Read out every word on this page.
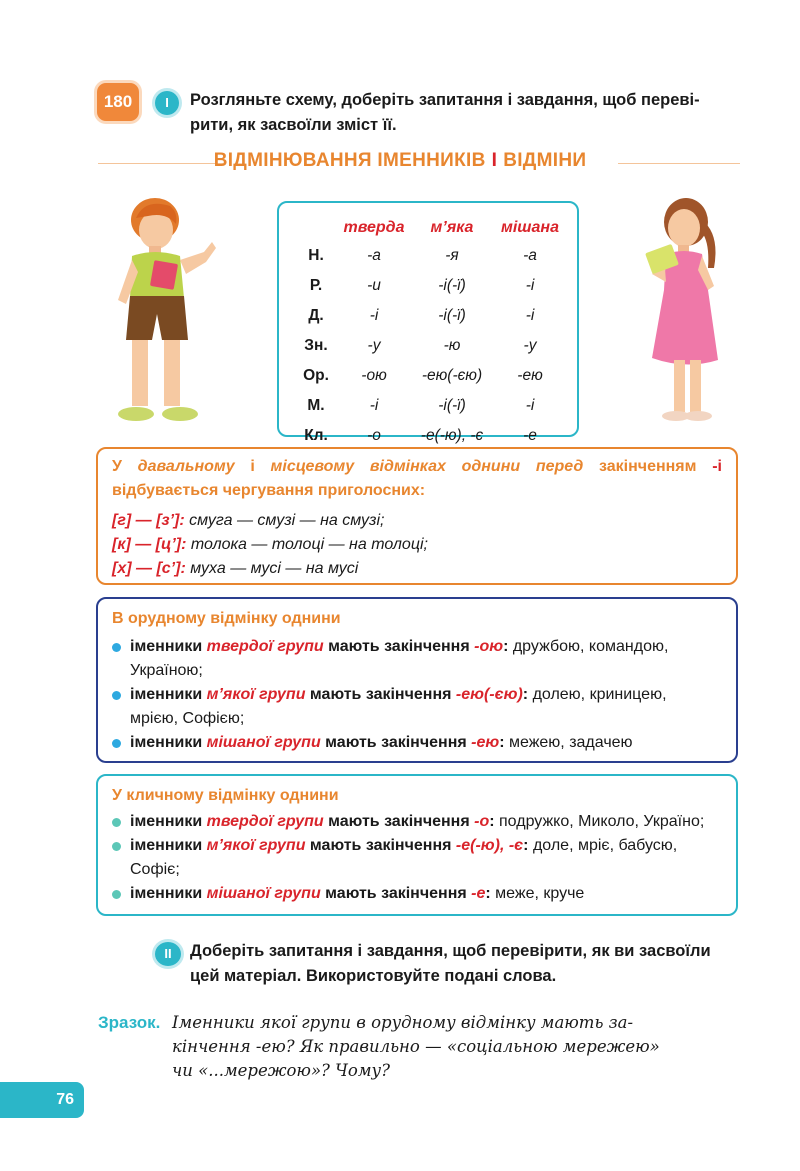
180	I	Розгляньте схему, доберіть запитання і завдання, щоб переві-
рити, як засвоїли зміст її.
ВІДМІНЮВАННЯ ІМЕННИКІВ І ВІДМІНИ
	тверда	м’яка	мішана
Н.	-а	-я	-а
Р.	-и	-і(-ї)	-і
Д.	-і	-і(-ї)	-і
Зн.	-у	-ю	-у
Ор.	-ою	-ею(-єю)	-ею
М.	-і	-і(-ї)	-і
Кл.	-о	-е(-ю), -є	-е
У давальному і місцевому відмінках однини перед закінченням -і
відбувається чергування приголосних:
[г] — [з’]: смуга — смузі — на смузі;
[к] — [ц’]: толока — толоці — на толоці;
[х] — [с’]: муха — мусі — на мусі
В орудному відмінку однини
іменники твердої групи мають закінчення -ою: дружбою, командою,
Україною;
іменники м’якої групи мають закінчення -ею(-єю): долею, криницею,
мрією, Софією;
іменники мішаної групи мають закінчення -ею: межею, задачею
У кличному відмінку однини
іменники твердої групи мають закінчення -о: подружко, Миколо, Україно;
іменники м’якої групи мають закінчення -е(-ю), -є: доле, мріє, бабусю,
Софіє;
іменники мішаної групи мають закінчення -е: меже, круче
II	Доберіть запитання і завдання, щоб перевірити, як ви засвоїли
цей матеріал. Використовуйте подані слова.
Зразок. Іменники якої групи в орудному відмінку мають за-
кінчення -ею? Як правильно — «соціальною мережею»
чи «...мережою»? Чому?
76
